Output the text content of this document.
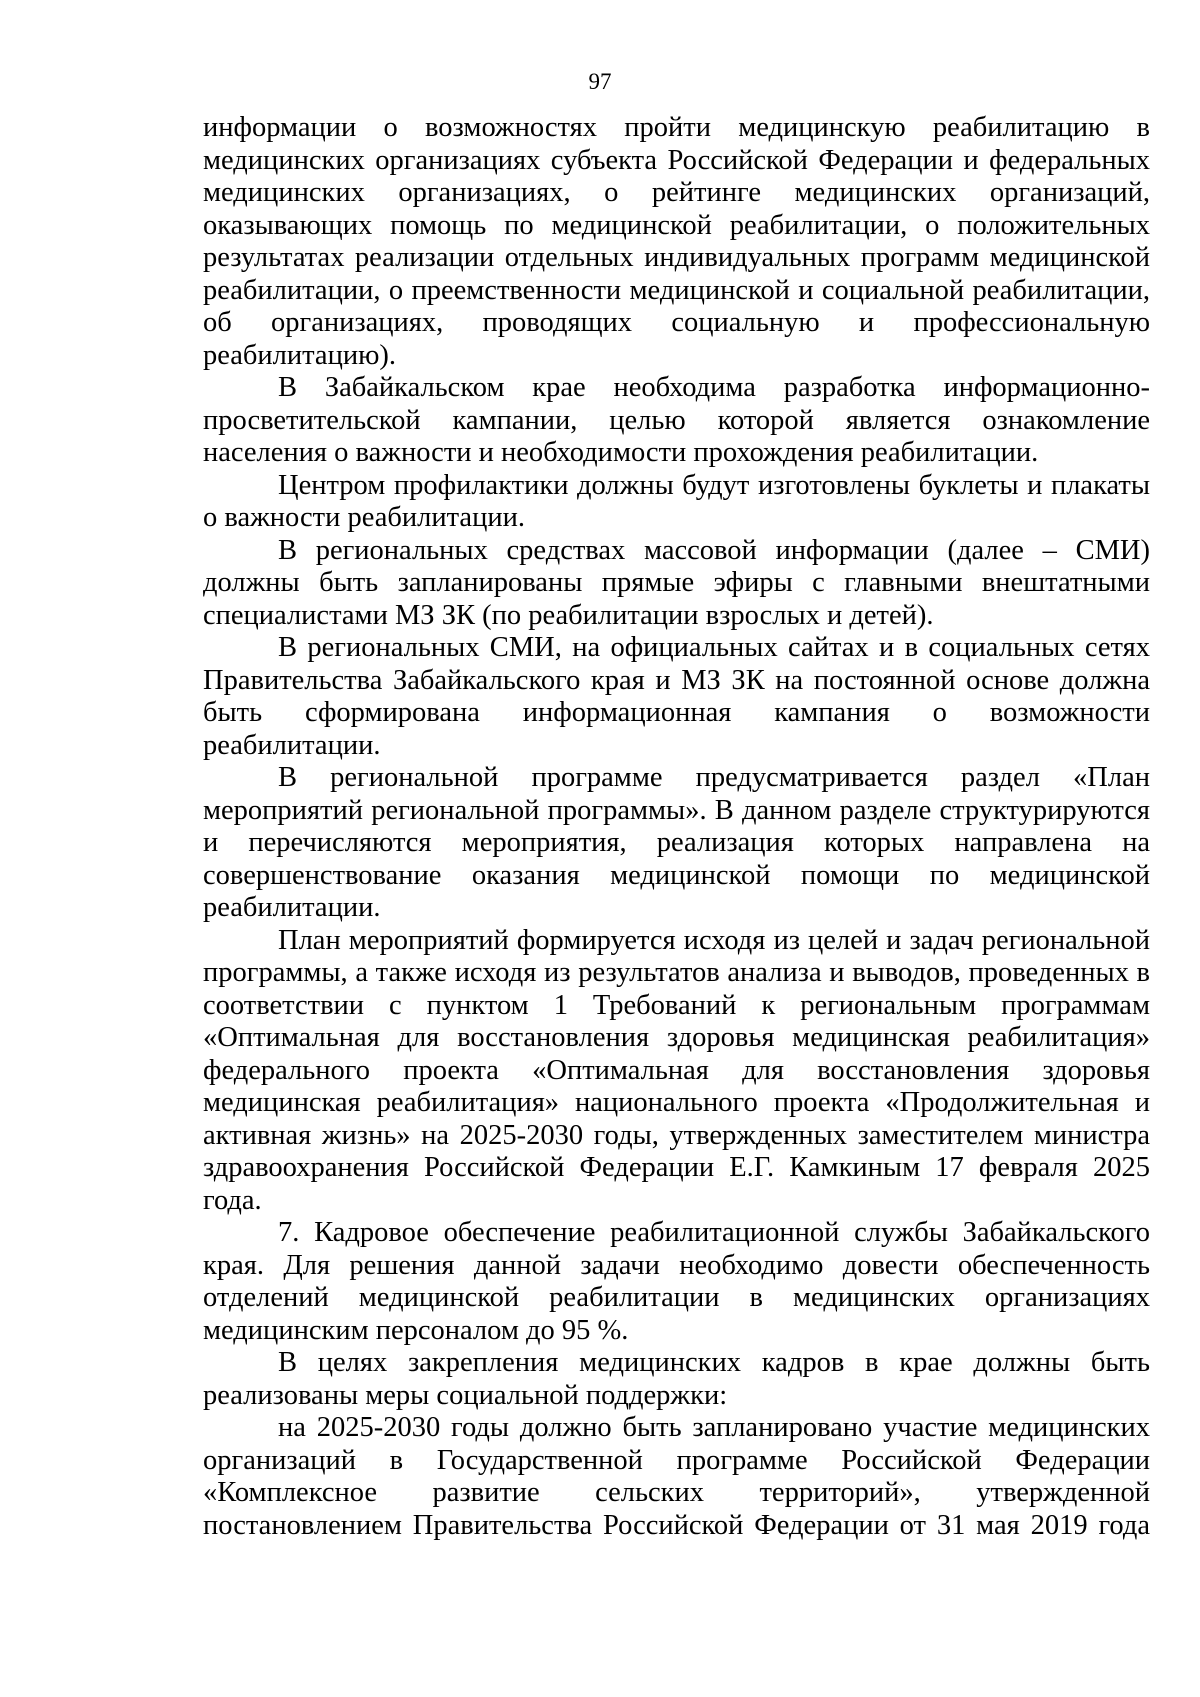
97

информации о возможностях пройти медицинскую реабилитацию в медицинских организациях субъекта Российской Федерации и федеральных медицинских организациях, о рейтинге медицинских организаций, оказывающих помощь по медицинской реабилитации, о положительных результатах реализации отдельных индивидуальных программ медицинской реабилитации, о преемственности медицинской и социальной реабилитации, об организациях, проводящих социальную и профессиональную реабилитацию).

В Забайкальском крае необходима разработка информационно-просветительской кампании, целью которой является ознакомление населения о важности и необходимости прохождения реабилитации.

Центром профилактики должны будут изготовлены буклеты и плакаты о важности реабилитации.

В региональных средствах массовой информации (далее – СМИ) должны быть запланированы прямые эфиры с главными внештатными специалистами МЗ ЗК (по реабилитации взрослых и детей).

В региональных СМИ, на официальных сайтах и в социальных сетях Правительства Забайкальского края и МЗ ЗК на постоянной основе должна быть сформирована информационная кампания о возможности реабилитации.

В региональной программе предусматривается раздел «План мероприятий региональной программы». В данном разделе структурируются и перечисляются мероприятия, реализация которых направлена на совершенствование оказания медицинской помощи по медицинской реабилитации.

План мероприятий формируется исходя из целей и задач региональной программы, а также исходя из результатов анализа и выводов, проведенных в соответствии с пунктом 1 Требований к региональным программам «Оптимальная для восстановления здоровья медицинская реабилитация» федерального проекта «Оптимальная для восстановления здоровья медицинская реабилитация» национального проекта «Продолжительная и активная жизнь» на 2025-2030 годы, утвержденных заместителем министра здравоохранения Российской Федерации Е.Г. Камкиным 17 февраля 2025 года.

7. Кадровое обеспечение реабилитационной службы Забайкальского края. Для решения данной задачи необходимо довести обеспеченность отделений медицинской реабилитации в медицинских организациях медицинским персоналом до 95 %.

В целях закрепления медицинских кадров в крае должны быть реализованы меры социальной поддержки:

на 2025-2030 годы должно быть запланировано участие медицинских организаций в Государственной программе Российской Федерации «Комплексное развитие сельских территорий», утвержденной постановлением Правительства Российской Федерации от 31 мая 2019 года
